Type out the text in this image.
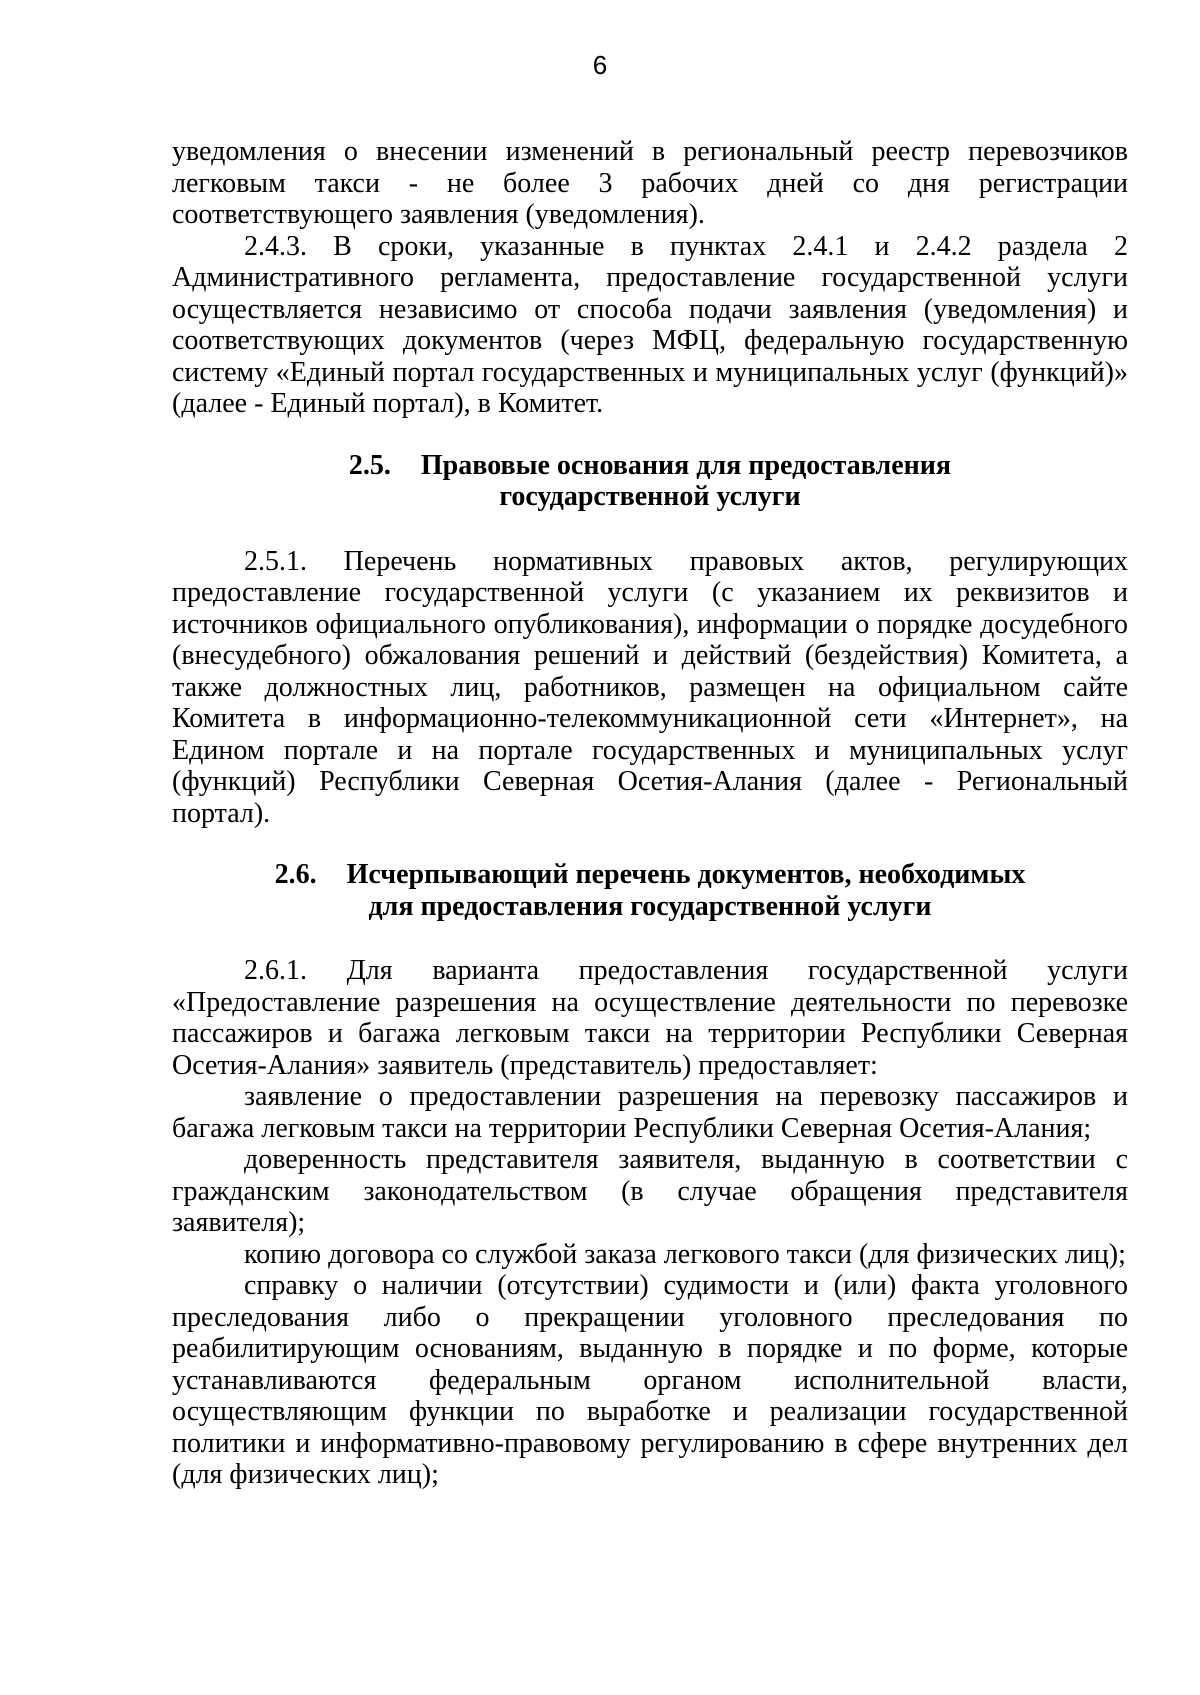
6

уведомления о внесении изменений в региональный реестр перевозчиков легковым такси - не более 3 рабочих дней со дня регистрации соответствующего заявления (уведомления).

2.4.3. В сроки, указанные в пунктах 2.4.1 и 2.4.2 раздела 2 Административного регламента, предоставление государственной услуги осуществляется независимо от способа подачи заявления (уведомления) и соответствующих документов (через МФЦ, федеральную государственную систему «Единый портал государственных и муниципальных услуг (функций)» (далее - Единый портал), в Комитет.

2.5. Правовые основания для предоставления
государственной услуги

2.5.1. Перечень нормативных правовых актов, регулирующих предоставление государственной услуги (с указанием их реквизитов и источников официального опубликования), информации о порядке досудебного (внесудебного) обжалования решений и действий (бездействия) Комитета, а также должностных лиц, работников, размещен на официальном сайте Комитета в информационно-телекоммуникационной сети «Интернет», на Едином портале и на портале государственных и муниципальных услуг (функций) Республики Северная Осетия-Алания (далее - Региональный портал).

2.6. Исчерпывающий перечень документов, необходимых
для предоставления государственной услуги

2.6.1. Для варианта предоставления государственной услуги «Предоставление разрешения на осуществление деятельности по перевозке пассажиров и багажа легковым такси на территории Республики Северная Осетия-Алания» заявитель (представитель) предоставляет:

заявление о предоставлении разрешения на перевозку пассажиров и багажа легковым такси на территории Республики Северная Осетия-Алания;

доверенность представителя заявителя, выданную в соответствии с гражданским законодательством (в случае обращения представителя заявителя);

копию договора со службой заказа легкового такси (для физических лиц);

справку о наличии (отсутствии) судимости и (или) факта уголовного преследования либо о прекращении уголовного преследования по реабилитирующим основаниям, выданную в порядке и по форме, которые устанавливаются федеральным органом исполнительной власти, осуществляющим функции по выработке и реализации государственной политики и информативно-правовому регулированию в сфере внутренних дел (для физических лиц);
